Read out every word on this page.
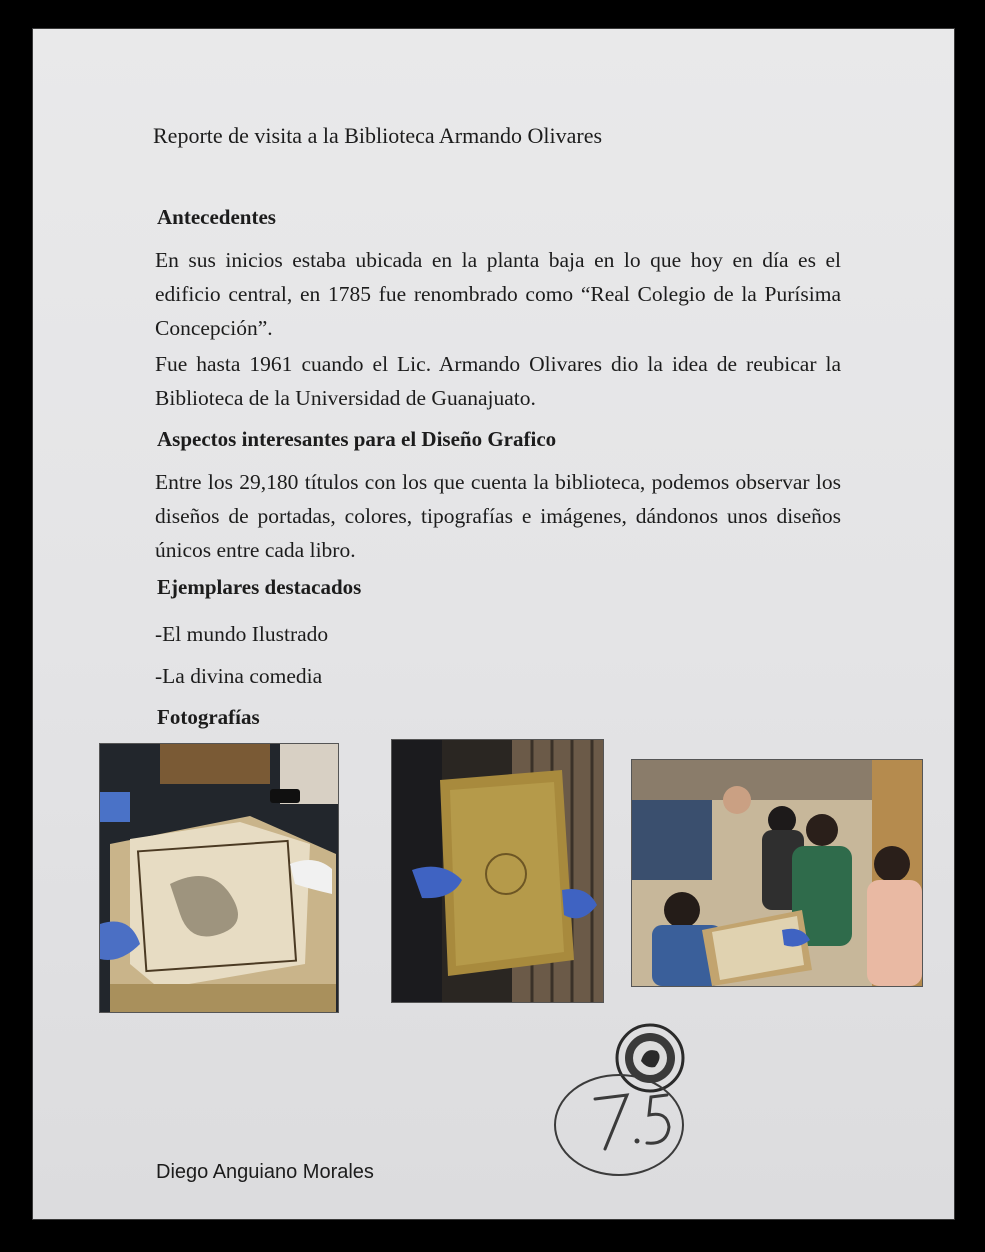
Reporte de visita a la Biblioteca Armando Olivares
Antecedentes
En sus inicios estaba ubicada en la planta baja en lo que hoy en día es el edificio central, en 1785 fue renombrado como “Real Colegio de la Purísima Concepción”.
Fue hasta 1961 cuando el Lic. Armando Olivares dio la idea de reubicar la Biblioteca de la Universidad de Guanajuato.
Aspectos interesantes para el Diseño Grafico
Entre los 29,180 títulos con los que cuenta la biblioteca, podemos observar los diseños de portadas, colores, tipografías e imágenes, dándonos unos diseños únicos entre cada libro.
Ejemplares destacados
-El mundo Ilustrado
-La divina comedia
Fotografías
Diego Anguiano Morales
